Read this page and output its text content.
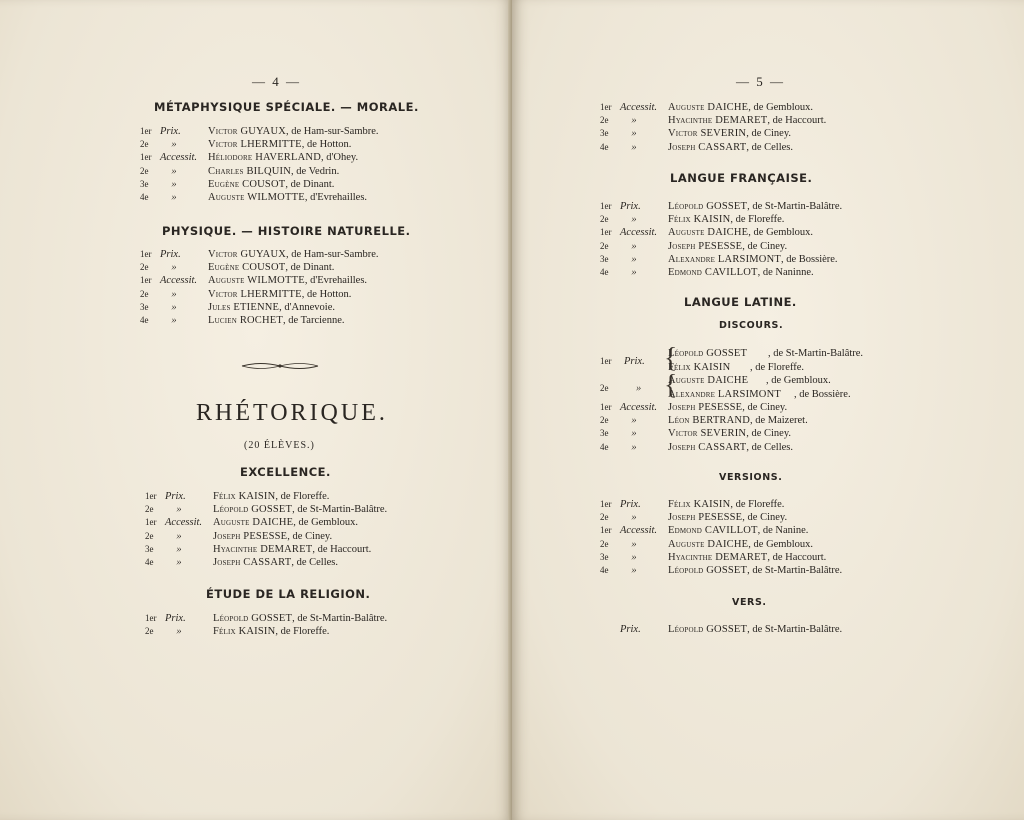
— 4 —
MÉTAPHYSIQUE SPÉCIALE. — MORALE.
1er Prix.	Victor GUYAUX, de Ham-sur-Sambre.
2e	»	Victor LHERMITTE, de Hotton.
1er Accessit.	Héliodore HAVERLAND, d'Ohey.
2e	»	Charles BILQUIN, de Vedrin.
3e	»	Eugène COUSOT, de Dinant.
4e	»	Auguste WILMOTTE, d'Evrehailles.
PHYSIQUE. — HISTOIRE NATURELLE.
1er Prix.	Victor GUYAUX, de Ham-sur-Sambre.
2e	»	Eugène COUSOT, de Dinant.
1er Accessit.	Auguste WILMOTTE, d'Evrehailles.
2e	»	Victor LHERMITTE, de Hotton.
3e	»	Jules ETIENNE, d'Annevoie.
4e	»	Lucien ROCHET, de Tarcienne.
RHÉTORIQUE.
(20 ÉLÈVES.)
EXCELLENCE.
1er Prix.	Félix KAISIN, de Floreffe.
2e	»	Léopold GOSSET, de St-Martin-Balâtre.
1er Accessit.	Auguste DAICHE, de Gembloux.
2e	»	Joseph PESESSE, de Ciney.
3e	»	Hyacinthe DEMARET, de Haccourt.
4e	»	Joseph CASSART, de Celles.
ÉTUDE DE LA RELIGION.
1er Prix.	Léopold GOSSET, de St-Martin-Balâtre.
2e	»	Félix KAISIN, de Floreffe.
— 5 —
1er Accessit.	Auguste DAICHE, de Gembloux.
2e	»	Hyacinthe DEMARET, de Haccourt.
3e	»	Victor SEVERIN, de Ciney.
4e	»	Joseph CASSART, de Celles.
LANGUE FRANÇAISE.
1er Prix.	Léopold GOSSET, de St-Martin-Balâtre.
2e	»	Félix KAISIN, de Floreffe.
1er Accessit.	Auguste DAICHE, de Gembloux.
2e	»	Joseph PESESSE, de Ciney.
3e	»	Alexandre LARSIMONT, de Bossière.
4e	»	Edmond CAVILLOT, de Naninne.
LANGUE LATINE.
DISCOURS.
1er	Prix. {
Léopold GOSSET , de St-Martin-Balâtre.
Félix KAISIN , de Floreffe.
2e	» {
Auguste DAICHE , de Gembloux.
Alexandre LARSIMONT , de Bossière.
1er Accessit.	Joseph PESESSE, de Ciney.
2e	»	Léon BERTRAND, de Maizeret.
3e	»	Victor SEVERIN, de Ciney.
4e	»	Joseph CASSART, de Celles.
VERSIONS.
1er Prix.	Félix KAISIN, de Floreffe.
2e	»	Joseph PESESSE, de Ciney.
1er Accessit.	Edmond CAVILLOT, de Nanine.
2e	»	Auguste DAICHE, de Gembloux.
3e	»	Hyacinthe DEMARET, de Haccourt.
4e	»	Léopold GOSSET, de St-Martin-Balâtre.
VERS.
Prix.	Léopold GOSSET, de St-Martin-Balâtre.
